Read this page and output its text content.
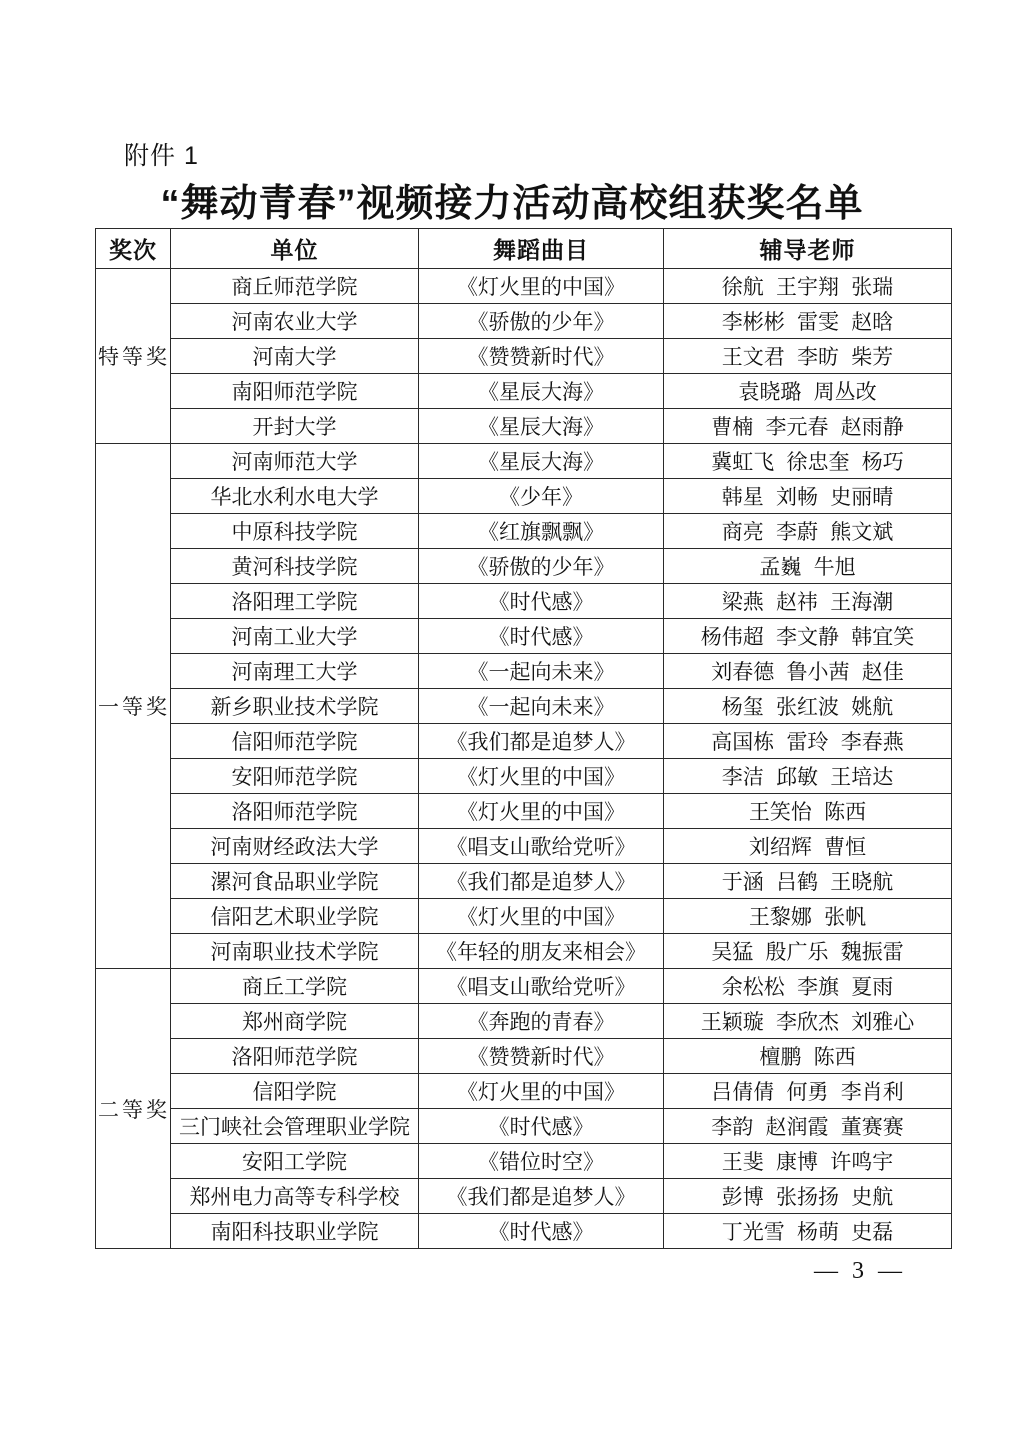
附件 1
“舞动青春”视频接力活动高校组获奖名单
奖次	单位	舞蹈曲目	辅导老师
特等奖	商丘师范学院	《灯火里的中国》	徐航 王宇翔 张瑞
	河南农业大学	《骄傲的少年》	李彬彬 雷雯 赵晗
	河南大学	《赞赞新时代》	王文君 李昉 柴芳
	南阳师范学院	《星辰大海》	袁晓璐 周丛改
	开封大学	《星辰大海》	曹楠 李元春 赵雨静
一等奖	河南师范大学	《星辰大海》	冀虹飞 徐忠奎 杨巧
	华北水利水电大学	《少年》	韩星 刘畅 史丽晴
	中原科技学院	《红旗飘飘》	商亮 李蔚 熊文斌
	黄河科技学院	《骄傲的少年》	孟巍 牛旭
	洛阳理工学院	《时代感》	梁燕 赵祎 王海潮
	河南工业大学	《时代感》	杨伟超 李文静 韩宜笑
	河南理工大学	《一起向未来》	刘春德 鲁小茜 赵佳
	新乡职业技术学院	《一起向未来》	杨玺 张红波 姚航
	信阳师范学院	《我们都是追梦人》	高国栋 雷玲 李春燕
	安阳师范学院	《灯火里的中国》	李洁 邱敏 王培达
	洛阳师范学院	《灯火里的中国》	王笑怡 陈西
	河南财经政法大学	《唱支山歌给党听》	刘绍辉 曹恒
	漯河食品职业学院	《我们都是追梦人》	于涵 吕鹤 王晓航
	信阳艺术职业学院	《灯火里的中国》	王黎娜 张帆
	河南职业技术学院	《年轻的朋友来相会》	吴猛 殷广乐 魏振雷
二等奖	商丘工学院	《唱支山歌给党听》	余松松 李旗 夏雨
	郑州商学院	《奔跑的青春》	王颖璇 李欣杰 刘雅心
	洛阳师范学院	《赞赞新时代》	檀鹏 陈西
	信阳学院	《灯火里的中国》	吕倩倩 何勇 李肖利
	三门峡社会管理职业学院	《时代感》	李韵 赵润霞 董赛赛
	安阳工学院	《错位时空》	王斐 康博 许鸣宇
	郑州电力高等专科学校	《我们都是追梦人》	彭博 张扬扬 史航
	南阳科技职业学院	《时代感》	丁光雪 杨萌 史磊
— 3 —
